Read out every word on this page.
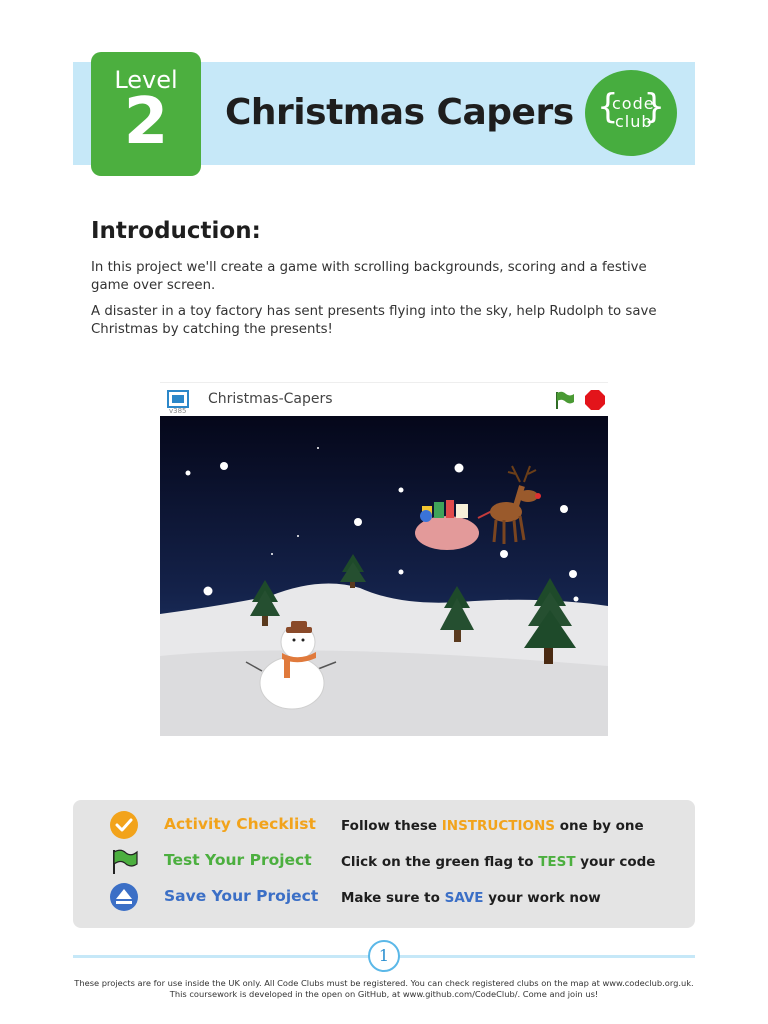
Level
2	Christmas Capers {
code
club
}
Introduction:
In this project we'll create a game with scrolling backgrounds, scoring and a festive game over screen.
A disaster in a toy factory has sent presents flying into the sky, help Rudolph to save Christmas by catching the presents!
v385
Christmas-Capers
Activity Checklist Follow these INSTRUCTIONS one by one
Test Your Project Click on the green flag to TEST your code
Save Your Project Make sure to SAVE your work now
1
These projects are for use inside the UK only. All Code Clubs must be registered. You can check registered clubs on the map at www.codeclub.org.uk.
This coursework is developed in the open on GitHub, at www.github.com/CodeClub/. Come and join us!
